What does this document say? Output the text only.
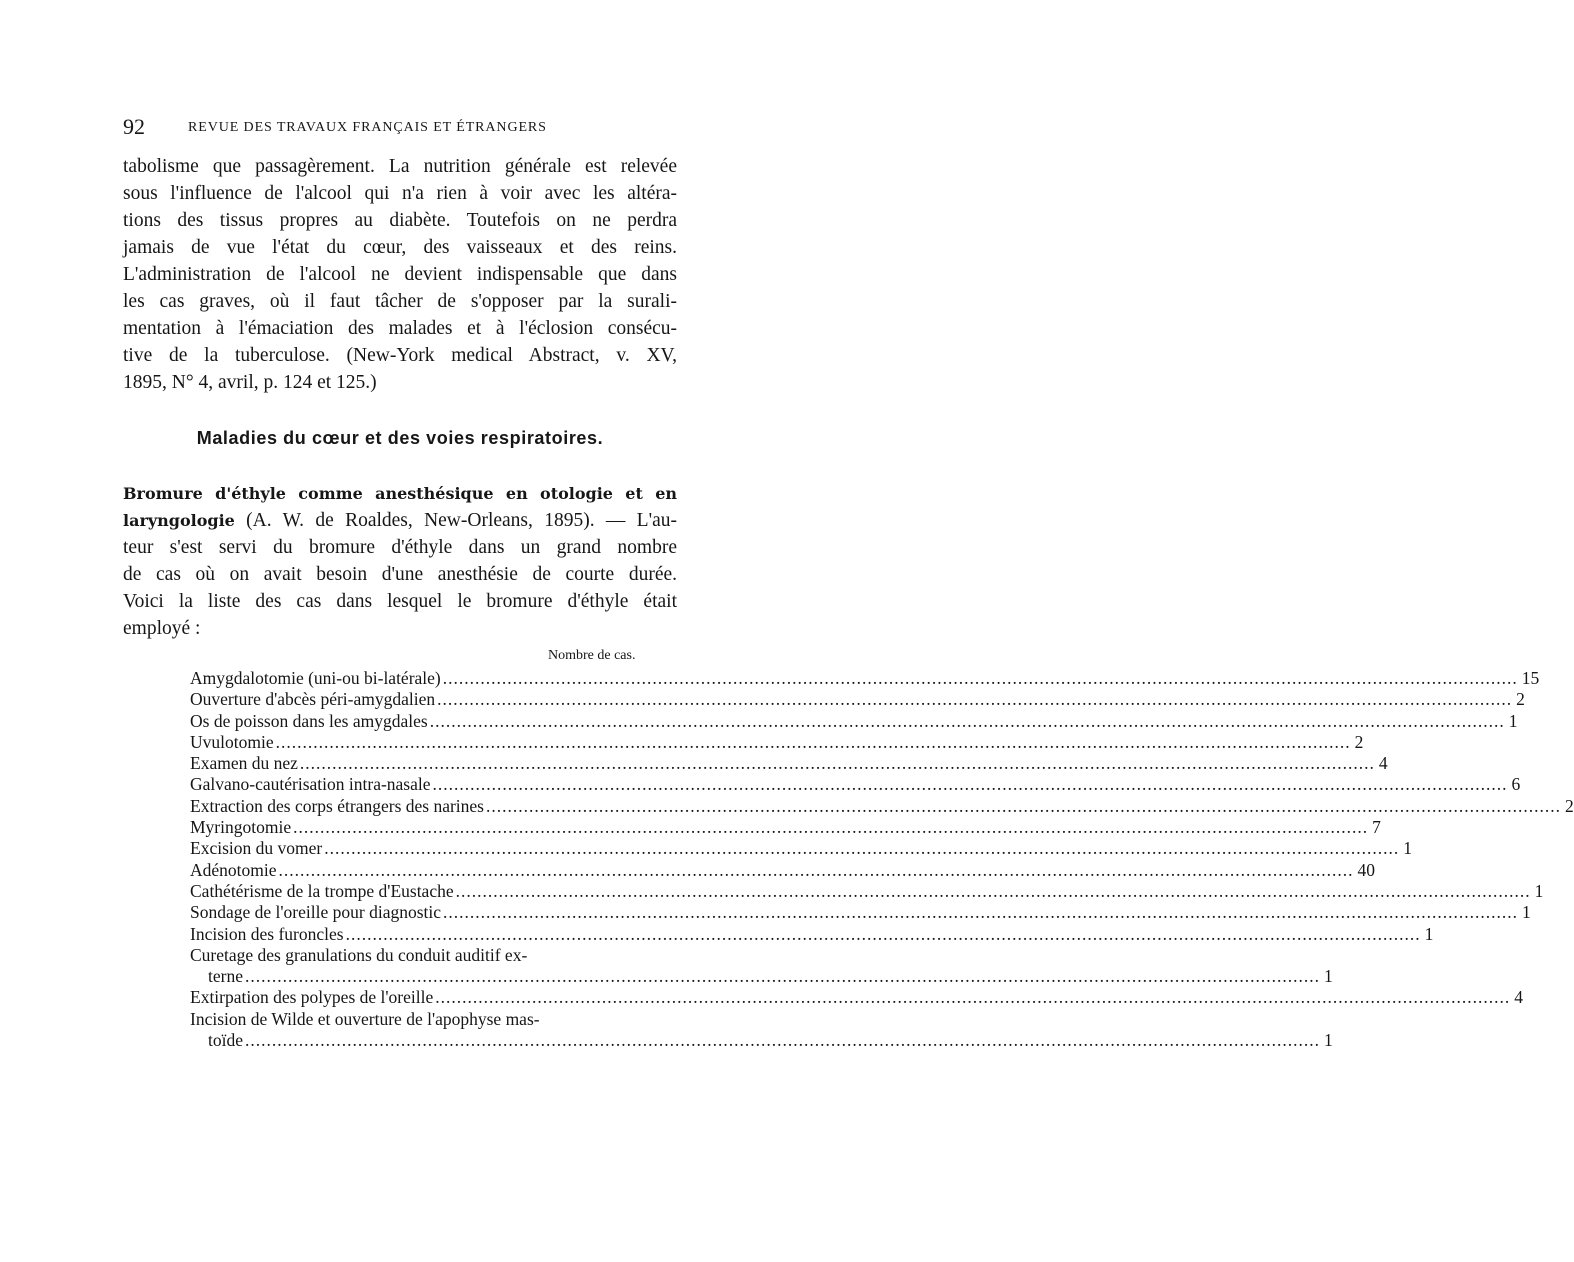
92	REVUE DES TRAVAUX FRANÇAIS ET ÉTRANGERS
tabolisme que passagèrement. La nutrition générale est relevée
sous l'influence de l'alcool qui n'a rien à voir avec les altéra-
tions des tissus propres au diabète. Toutefois on ne perdra
jamais de vue l'état du cœur, des vaisseaux et des reins.
L'administration de l'alcool ne devient indispensable que dans
les cas graves, où il faut tâcher de s'opposer par la surali-
mentation à l'émaciation des malades et à l'éclosion consécu-
tive de la tuberculose. (New-York medical Abstract, v. XV,
1895, N° 4, avril, p. 124 et 125.)
Maladies du cœur et des voies respiratoires.
Bromure d'éthyle comme anesthésique en otologie et en
laryngologie (A. W. de Roaldes, New-Orleans, 1895). — L'au-
teur s'est servi du bromure d'éthyle dans un grand nombre
de cas où on avait besoin d'une anesthésie de courte durée.
Voici la liste des cas dans lesquel le bromure d'éthyle était
employé :
Nombre de cas.
Amygdalotomie (uni-ou bi-latérale) ........................................................................................................................................................................................................ 15
Ouverture d'abcès péri-amygdalien ........................................................................................................................................................................................................ 2
Os de poisson dans les amygdales ........................................................................................................................................................................................................ 1
Uvulotomie ........................................................................................................................................................................................................ 2
Examen du nez ........................................................................................................................................................................................................ 4
Galvano-cautérisation intra-nasale ........................................................................................................................................................................................................ 6
Extraction des corps étrangers des narines ........................................................................................................................................................................................................ 2
Myringotomie ........................................................................................................................................................................................................ 7
Excision du vomer ........................................................................................................................................................................................................ 1
Adénotomie ........................................................................................................................................................................................................ 40
Cathétérisme de la trompe d'Eustache ........................................................................................................................................................................................................ 1
Sondage de l'oreille pour diagnostic ........................................................................................................................................................................................................ 1
Incision des furoncles ........................................................................................................................................................................................................ 1
Curetage des granulations du conduit auditif ex-
terne ........................................................................................................................................................................................................ 1
Extirpation des polypes de l'oreille ........................................................................................................................................................................................................ 4
Incision de Wilde et ouverture de l'apophyse mas-
toïde ........................................................................................................................................................................................................ 1
